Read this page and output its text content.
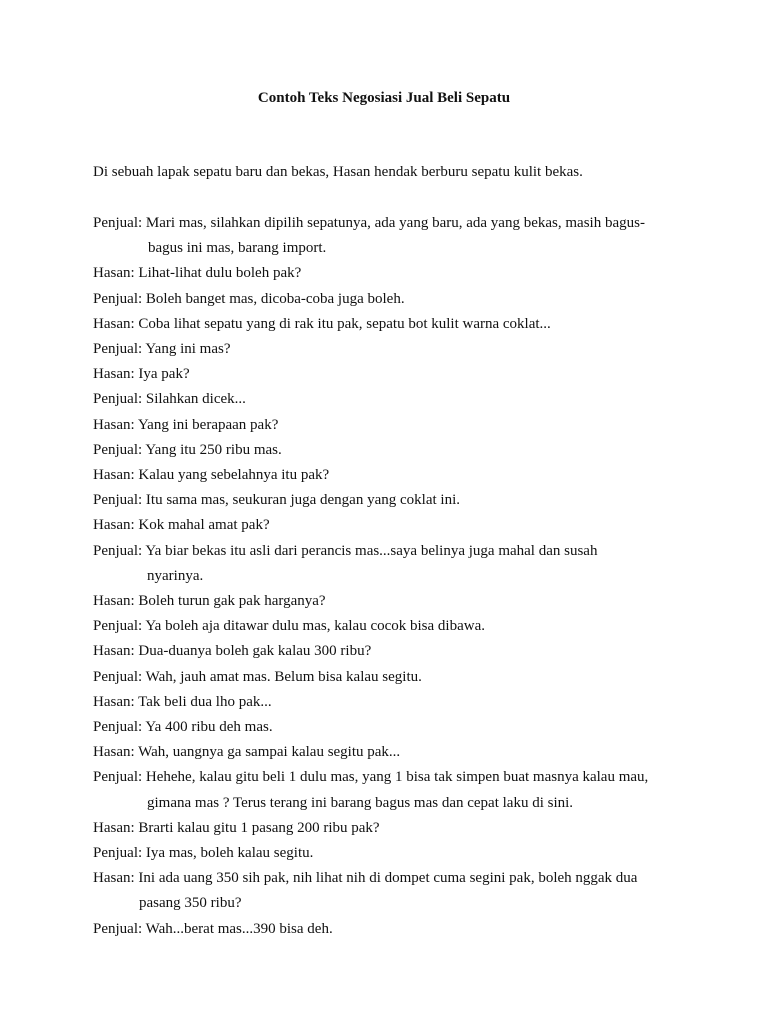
Contoh Teks Negosiasi Jual Beli Sepatu
Di sebuah lapak sepatu baru dan bekas, Hasan hendak berburu sepatu kulit bekas.
Penjual: Mari mas, silahkan dipilih sepatunya, ada yang baru, ada yang bekas, masih bagus-
bagus ini mas, barang import.
Hasan: Lihat-lihat dulu boleh pak?
Penjual: Boleh banget mas, dicoba-coba juga boleh.
Hasan: Coba lihat sepatu yang di rak itu pak, sepatu bot kulit warna coklat...
Penjual: Yang ini mas?
Hasan: Iya pak?
Penjual: Silahkan dicek...
Hasan: Yang ini berapaan pak?
Penjual: Yang itu 250 ribu mas.
Hasan: Kalau yang sebelahnya itu pak?
Penjual: Itu sama mas, seukuran juga dengan yang coklat ini.
Hasan: Kok mahal amat pak?
Penjual: Ya biar bekas itu asli dari perancis mas...saya belinya juga mahal dan susah
nyarinya.
Hasan: Boleh turun gak pak harganya?
Penjual: Ya boleh aja ditawar dulu mas, kalau cocok bisa dibawa.
Hasan: Dua-duanya boleh gak kalau 300 ribu?
Penjual: Wah, jauh amat mas. Belum bisa kalau segitu.
Hasan: Tak beli dua lho pak...
Penjual: Ya 400 ribu deh mas.
Hasan: Wah, uangnya ga sampai kalau segitu pak...
Penjual: Hehehe, kalau gitu beli 1 dulu mas, yang 1 bisa tak simpen buat masnya kalau mau,
gimana mas ? Terus terang ini barang bagus mas dan cepat laku di sini.
Hasan: Brarti kalau gitu 1 pasang 200 ribu pak?
Penjual: Iya mas, boleh kalau segitu.
Hasan: Ini ada uang 350 sih pak, nih lihat nih di dompet cuma segini pak, boleh nggak dua
pasang 350 ribu?
Penjual: Wah...berat mas...390 bisa deh.
